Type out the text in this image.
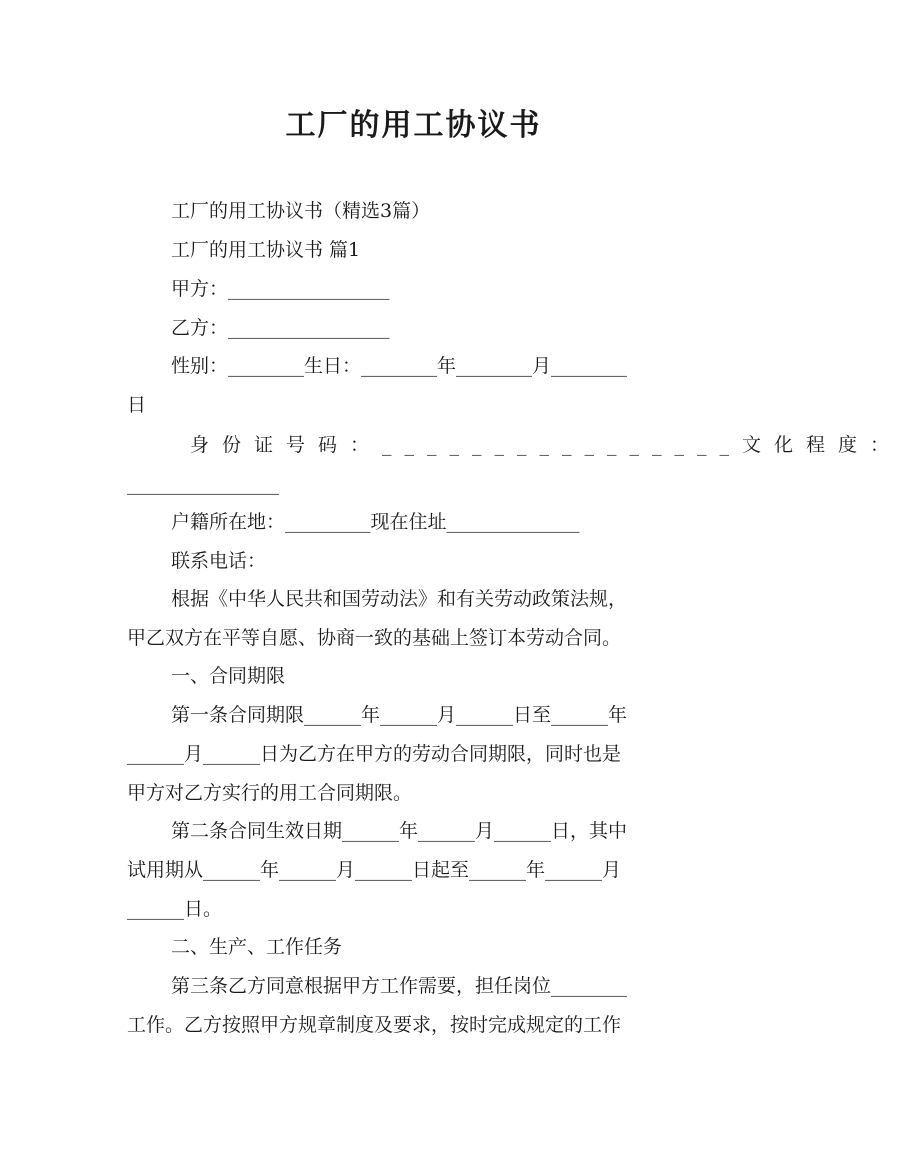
工厂的用工协议书
工厂的用工协议书（精选3篇）
工厂的用工协议书 篇1
甲方：_________________
乙方：_________________
性别：________生日：________年________月________
日
身份证号码：________________文化程度：
________________
户籍所在地：_________现在住址______________
联系电话：
根据《中华人民共和国劳动法》和有关劳动政策法规，
甲乙双方在平等自愿、协商一致的基础上签订本劳动合同。
一、合同期限
第一条合同期限______年______月______日至______年
______月______日为乙方在甲方的劳动合同期限，同时也是
甲方对乙方实行的用工合同期限。
第二条合同生效日期______年______月______日，其中
试用期从______年______月______日起至______年______月
______日。
二、生产、工作任务
第三条乙方同意根据甲方工作需要，担任岗位________
工作。乙方按照甲方规章制度及要求，按时完成规定的工作
